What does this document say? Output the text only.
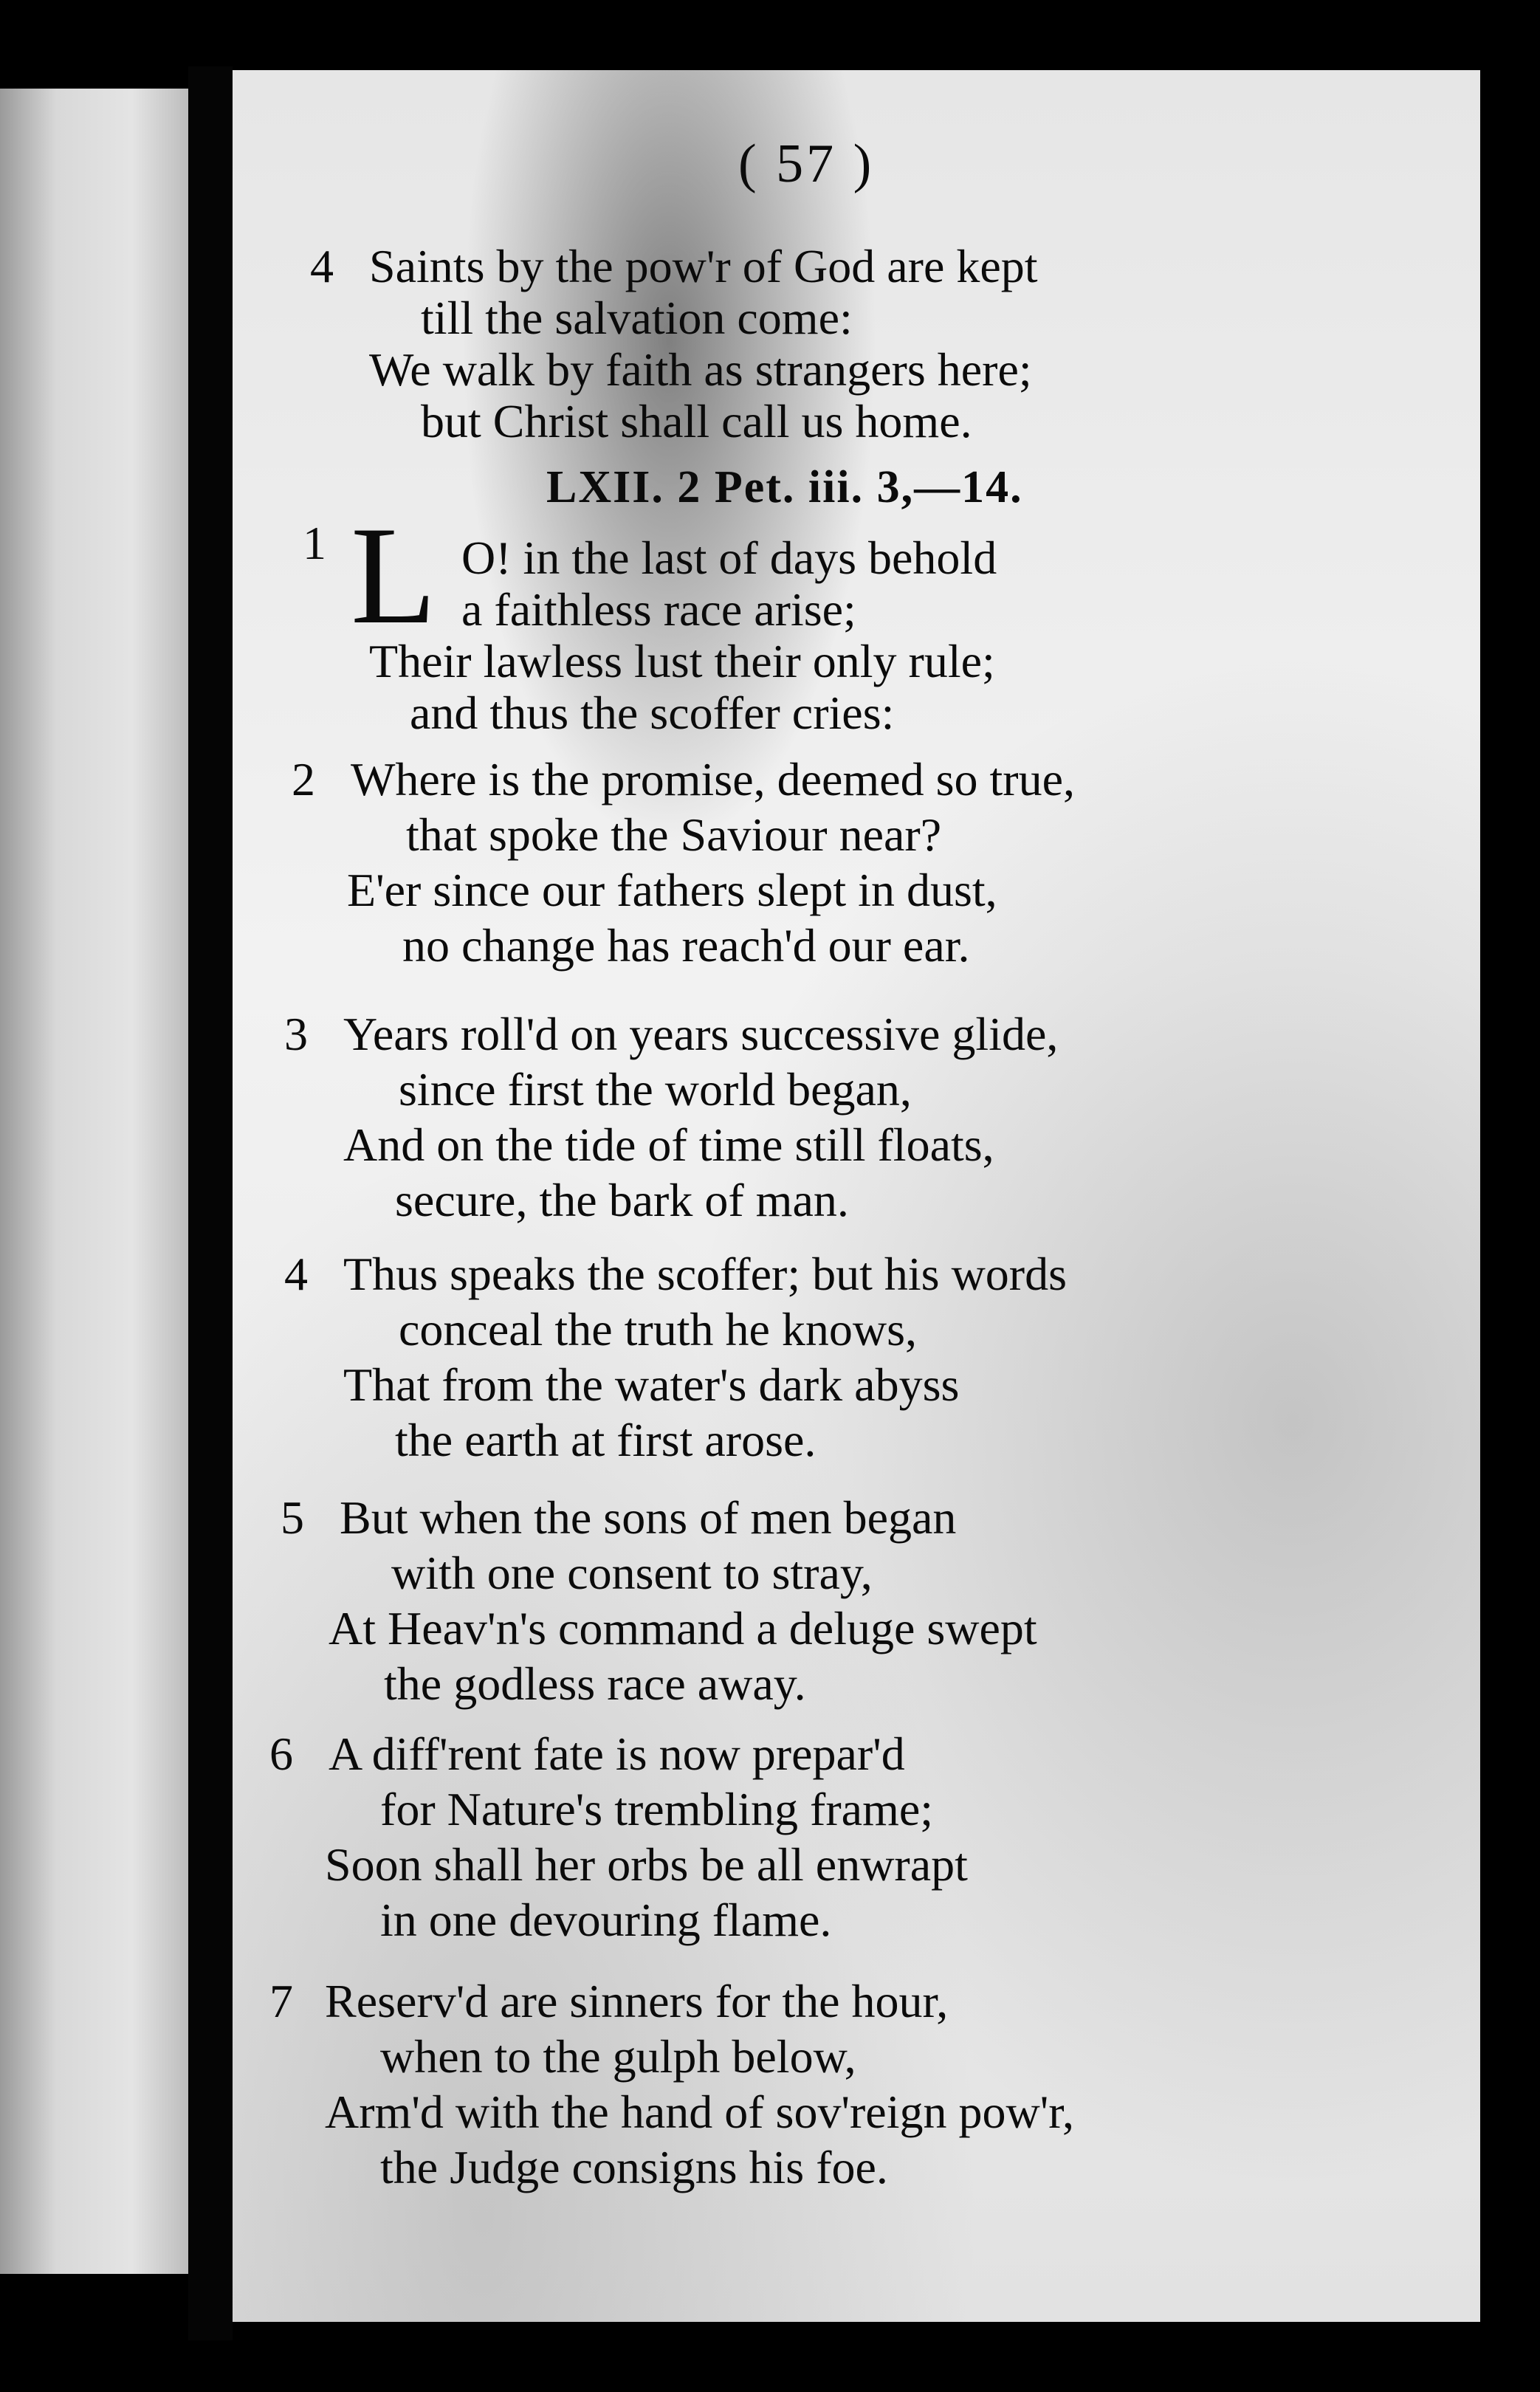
( 57 )
4 Saints by the pow'r of God are kept
till the salvation come:
We walk by faith as strangers here;
but Christ shall call us home.
LXII. 2 Pet. iii. 3,—14.
1 L O! in the last of days behold
a faithless race arise;
Their lawless lust their only rule;
and thus the scoffer cries:
2 Where is the promise, deemed so true,
that spoke the Saviour near?
E'er since our fathers slept in dust,
no change has reach'd our ear.
3 Years roll'd on years successive glide,
since first the world began,
And on the tide of time still floats,
secure, the bark of man.
4 Thus speaks the scoffer; but his words
conceal the truth he knows,
That from the water's dark abyss
the earth at first arose.
5 But when the sons of men began
with one consent to stray,
At Heav'n's command a deluge swept
the godless race away.
6 A diff'rent fate is now prepar'd
for Nature's trembling frame;
Soon shall her orbs be all enwrapt
in one devouring flame.
7 Reserv'd are sinners for the hour,
when to the gulph below,
Arm'd with the hand of sov'reign pow'r,
the Judge consigns his foe.
